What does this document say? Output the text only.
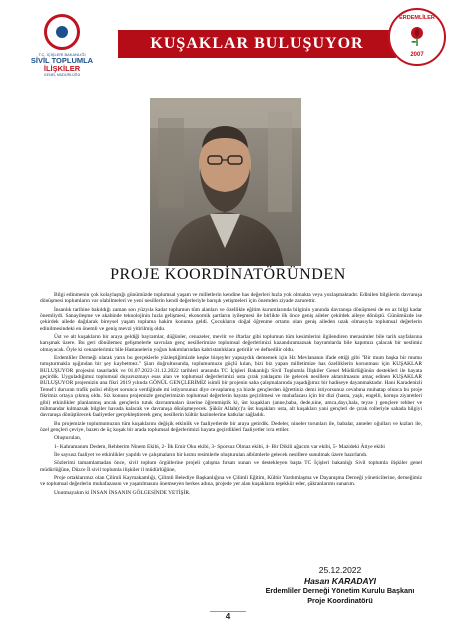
T.C. İÇİŞLERİ BAKANLIĞI
SİVİL TOPLUMLA
İLİŞKİLER
GENEL MÜDÜRLÜĞÜ
KUŞAKLAR BULUŞUYOR
ERDEMLİLER
2007
PROJE KOORDİNATÖRÜNDEN

Bilgi edinmenin çok kolaylaştığı günümüzde toplumsal yaşam ve milletlerin kendine has değerleri hızla yok olmakta veya yozlaşmaktadır. Edinilen bilgilerin davranışa dönüşmesi toplumların var olabilmeleri ve yeni nesillerin kendi değerleriyle barışık yetişmeleri için önemden ziyade zarurettir.

İnsanlık tarihine bakıldığı zaman son yüzyıla kadar toplumun tüm alanları ve özellikle eğitim kurumlarında bilginin yanında davranışa dönüşmesi de en az bilgi kadar önemliydi. Sanayileşme ve akabinde teknolojinin hızla gelişmesi, ekonomik şartların iyileşmesi ile birlikte ilk önce geniş aileler çekirdek aileye dönüştü. Günümüzde ise çekirdek ailede dağılarak bireysel yaşam topluma hakim konuma geldi. Çocukların doğal öğrenme ortamı olan geniş aileden uzak olmasıyla toplumsal değerlerin edinilmesindeki en önemli ve geniş mevzi yitirilmiş oldu.

Üst ve alt kuşakların bir araya geldiği bayramlar, düğünler, cenazeler, mevlit ve iftarlar gibi toplumun tüm kesimlerini ilgilendiren merasimler bile tarih sayfalarına karışmak üzere. Bu geri dönülemez gelişmelerle savrulan genç nesillerimize toplumsal değerlerimizi kazandıramazsak bayramlarda bile kapımızı çalacak bir neslimiz olmayacak. Öyle ki cenazelerimiz bile Hastanelerin yoğun bakımlarından kabristanlıklara getirilir ve defnedilir oldu.

Erdemliler Derneği olarak yarın bu gerçeklerle yüzleştiğimizde keşke birşeyler yapsaydık dememek için Hz Mevlananın ifade ettiği gibi "Bir mum başka bir mumu tutuşturmakla ışığından bir şey kaybetmez." Şiarı doğrultusunda, toplumumuzu güçlü kılan, bizi biz yapan milletimize has özelliklerin korunması için KUŞAKLAR BULUŞUYOR projesini tasarladık ve 01.07.2022-31.12.2022 tarihleri arasında TC İçişleri Bakanlığı Sivil Toplumla İlişkiler Genel Müdürlüğünün destekleri ile hayata geçirdik. Uyguladığımız toplumsal duyarsızmayı esas alan ve toplumsal değerlerimizi usta çırak yaklaşımı ile gelecek nesillere aktarılmasını amaç edinen KUŞAKLAR BULUŞUYOR projemizin ana fikri 2019 yılında GÖNÜL GENÇLERİMİZ isimli bir projenin saha çalışmalarında yaşadığımız bir hadiseye dayanmaktadır. Hani Karadenizli Temel'i dururan trafik polisi ehliyet sorunca verdiğinde mi istiyorsunuz diye cevaplamış ya bizde gençlerden öğrettiniz demi istiyorsunuz cevabına muhatap olunca bu proje fikrimiz ortaya çıkmış oldu. Siz konusu projemizle gençlerimizin toplumsal değerlerin hayata geçirilmesi ve muhafazası için bir dizi (hasta, yaşlı, engelli, komşu ziyaretleri gibi) etkinlikler planlanmış ancak gençlerin tutuk davranmaları üzerine öğrenmiştik ki, üst kuşakları (anne,baba, dede,nine, amca,dayı,hala, teyze ) gençlere rehber ve mihmandar kılmazsak bilgiler havada kalacak ve davranışa dönüşmeyecek. Şükür Allah(c)'a üst kuşakları usta, alt kuşakları yani gençleri de çırak rolleriyle sahada bilgiyi davranışa dönüştürecek faaliyetler gerçekleştirerek genç nesillerin kültür hazinelerine katkılar sağladık.

Bu projemizle toplumumuzun tüm kuşaklarını değişik etkinlik ve faaliyetlerde bir araya getirdik. Dedeler, nineler torunları ile, babalar, anneler oğulları ve kızları ile, özel gençleri çeviye, bazen de üç kuşak bir arada toplumsal değerlerimizi hayata geçirdikleri faaliyetler icra ettiler.

Oluşturulan,

1- Kahramanım Dedem, Rehberim Ninem Ekibi, 2- İlk Emir Oku ekibi, 3- Sporsuz Olmaz ekibi, 4- Bir Dikili ağacım var ekibi, 5- Mazideki Ätiye ekibi

İle saysısz faaliyet ve etkinlikler yapıldı ve çalışmaların bir kısmı resimlerle oluşturulan albümlerle gelecek nesillere sunulmak üzere hazırlandı.

Sözlerimi tamamlamadan önce, sivil toplum örgütlerine projeli çalışma fırsatı sunan ve destekleyen başta TC İçişleri bakanlığı Sivil toplumla ilişkiler genel müdürlüğüne, Düzce İl sivil toplumla ilişkiler il müdürlüğüne,

Proje ortaklarımız olan Çilimli Kaymakamlığı, Çilimli Belediye Başkanlığına ve Çilimli Eğitim, Kültür Yardımlaşma ve Dayanışma Derneği yöneticilerine, derneğimiz ve toplumsal değerlerin muhafazasını ve yaşatılmasını önemseyen herkes adına, projede yer alan kuşakların teşekkür eder, şükranlarımı sunarım.

Unutmayalım ki İNSAN İNSANIN GÖLGESİNDE YETİŞİR.

25.12.2022
Hasan KARADAYI
Erdemliler Derneği Yönetim Kurulu Başkanı
Proje Koordinatörü
4
